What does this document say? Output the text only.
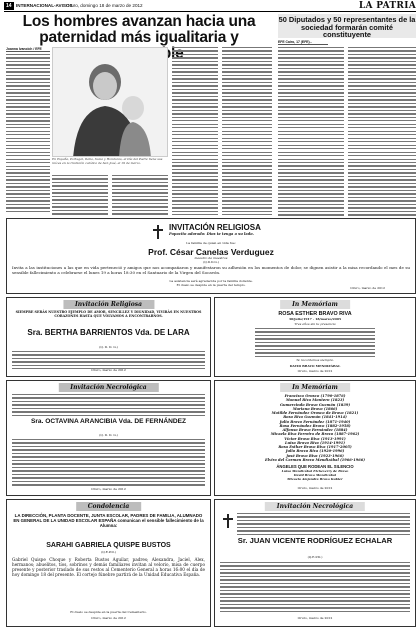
14 INTERNACIONAL-AVISOS
Oruro, domingo 18 de marzo de 2012	LA PATRIA
Los hombres avanzan hacia una
paternidad más igualitaria y
Joanna Ivancich / EFE
En España, Portugal, Italia, Suiza y Honduras, el Día del Padre tiene sus raíces en la tradición católica de San José, el 19 de marzo.
50 Diputados y 50 representantes de la sociedad formarán comité constituyente
EFE Cairo, 17 (EFE).-
INVITACIÓN RELIGIOSA
Papacito adorado: Dios te tenga a su lado.
La familia de quien en vida fue:
Prof. César Canelas Verduguez
maestro de maestros
(Q.D.D.G.)
Invita a las instituciones a las que en vida perteneció y amigos que nos acompañaron y manifestaron su adhesión en los momentos de dolor, se dignen asistir a la misa recordando el mes de su sensible fallecimiento a celebrarse el lunes 19 a horas 18:30 en el Santuario de la Virgen del Socavón.
La asistencia será agradecida por la familia doliente.
El duelo se despide en la puerta del templo.
Oruro, marzo de 2012
Invitación Religiosa
SIEMPRE SERÁS NUESTRO EJEMPLO DE AMOR, SENCILLEZ Y DIGNIDAD, VIVIRÁS EN NUESTROS CORAZONES HASTA QUE VOLVAMOS A ENCONTRARNOS.
Sra. BERTHA BARRIENTOS Vda. DE LARA
(Q. D. D. G.)
Oruro, marzo de 2012
In Memóriam
ROSA ESTHER BRAVO RIVA
30/julio/1917 - 18/marzo/2005
Tres años sin tu presencia
Te recordamos siempre.
DAVID BRAVO MENDIZÁBAL
Oruro, marzo de 2012
Invitación Necrológica
Sra. OCTAVINA ARANCIBIA Vda. DE FERNÁNDEZ
(Q. D. D. G.)
Oruro, marzo de 2012
In Memóriam
Francisca Orosco (1790-1876)
Manuel Riva Montero (1823)
Gumercindo Bravo Guzmán (1839)
Mariano Bravo (1866)
Matilde Fernández Orosco de Bravo (1821)
Rosa Riva Guzmán (1841-1914)
Julio Bravo Fernández (1871-1940)
Rosa Fernández Bravo (1882-1958)
Alfonso Bravo Fernández (1884)
Micaela Riva Ferreira de Bravo (1887-1962)
Víctor Bravo Riva (1913-1991)
Luisa Bravo Riva (1914-1991)
Rosa Esther Bravo Riva (1917-2005)
Julio Bravo Riva (1920-1996)
José Bravo Riva (1923-1966)
Elvira del Carmen Bravo Mendizábal (1966-1966)
ÁNGELES QUE RODEAN EL SILENCIO
Luisa Mendizábal Etcheverry de Bravo
David Bravo Mendizábal
Micaela Alejandra Bravo Kubler
Oruro, marzo de 2012
Condolencia
LA DIRECCIÓN, PLANTA DOCENTE, JUNTA ESCOLAR, PADRES DE FAMILIA, ALUMNADO EN GENERAL DE LA UNIDAD ESCOLAR ESPAÑA comunican el sensible fallecimiento de la Alumna:
SARAHI GABRIELA QUISPE BUSTOS
(Q.E.P.D.)
Gabriel Quispe Choque y Roberta Bustos Aguilar, padres; Alexandra, Jaciel, Alex, hermanos; abuelitos, tíos, sobrinos y demás familiares invitan al velorio, misa de cuerpo presente y posterior traslado de sus restos al Cementerio General a horas 16:00 el día de hoy domingo 18 del presente. El cortejo fúnebre partirá de la Unidad Educativa España.
El duelo se despide en la puerta del Cementerio.
Oruro, marzo de 2012
Invitación Necrológica
Sr. JUAN VICENTE RODRÍGUEZ ECHALAR
(Q.E.P.D.)
Oruro, marzo de 2012
